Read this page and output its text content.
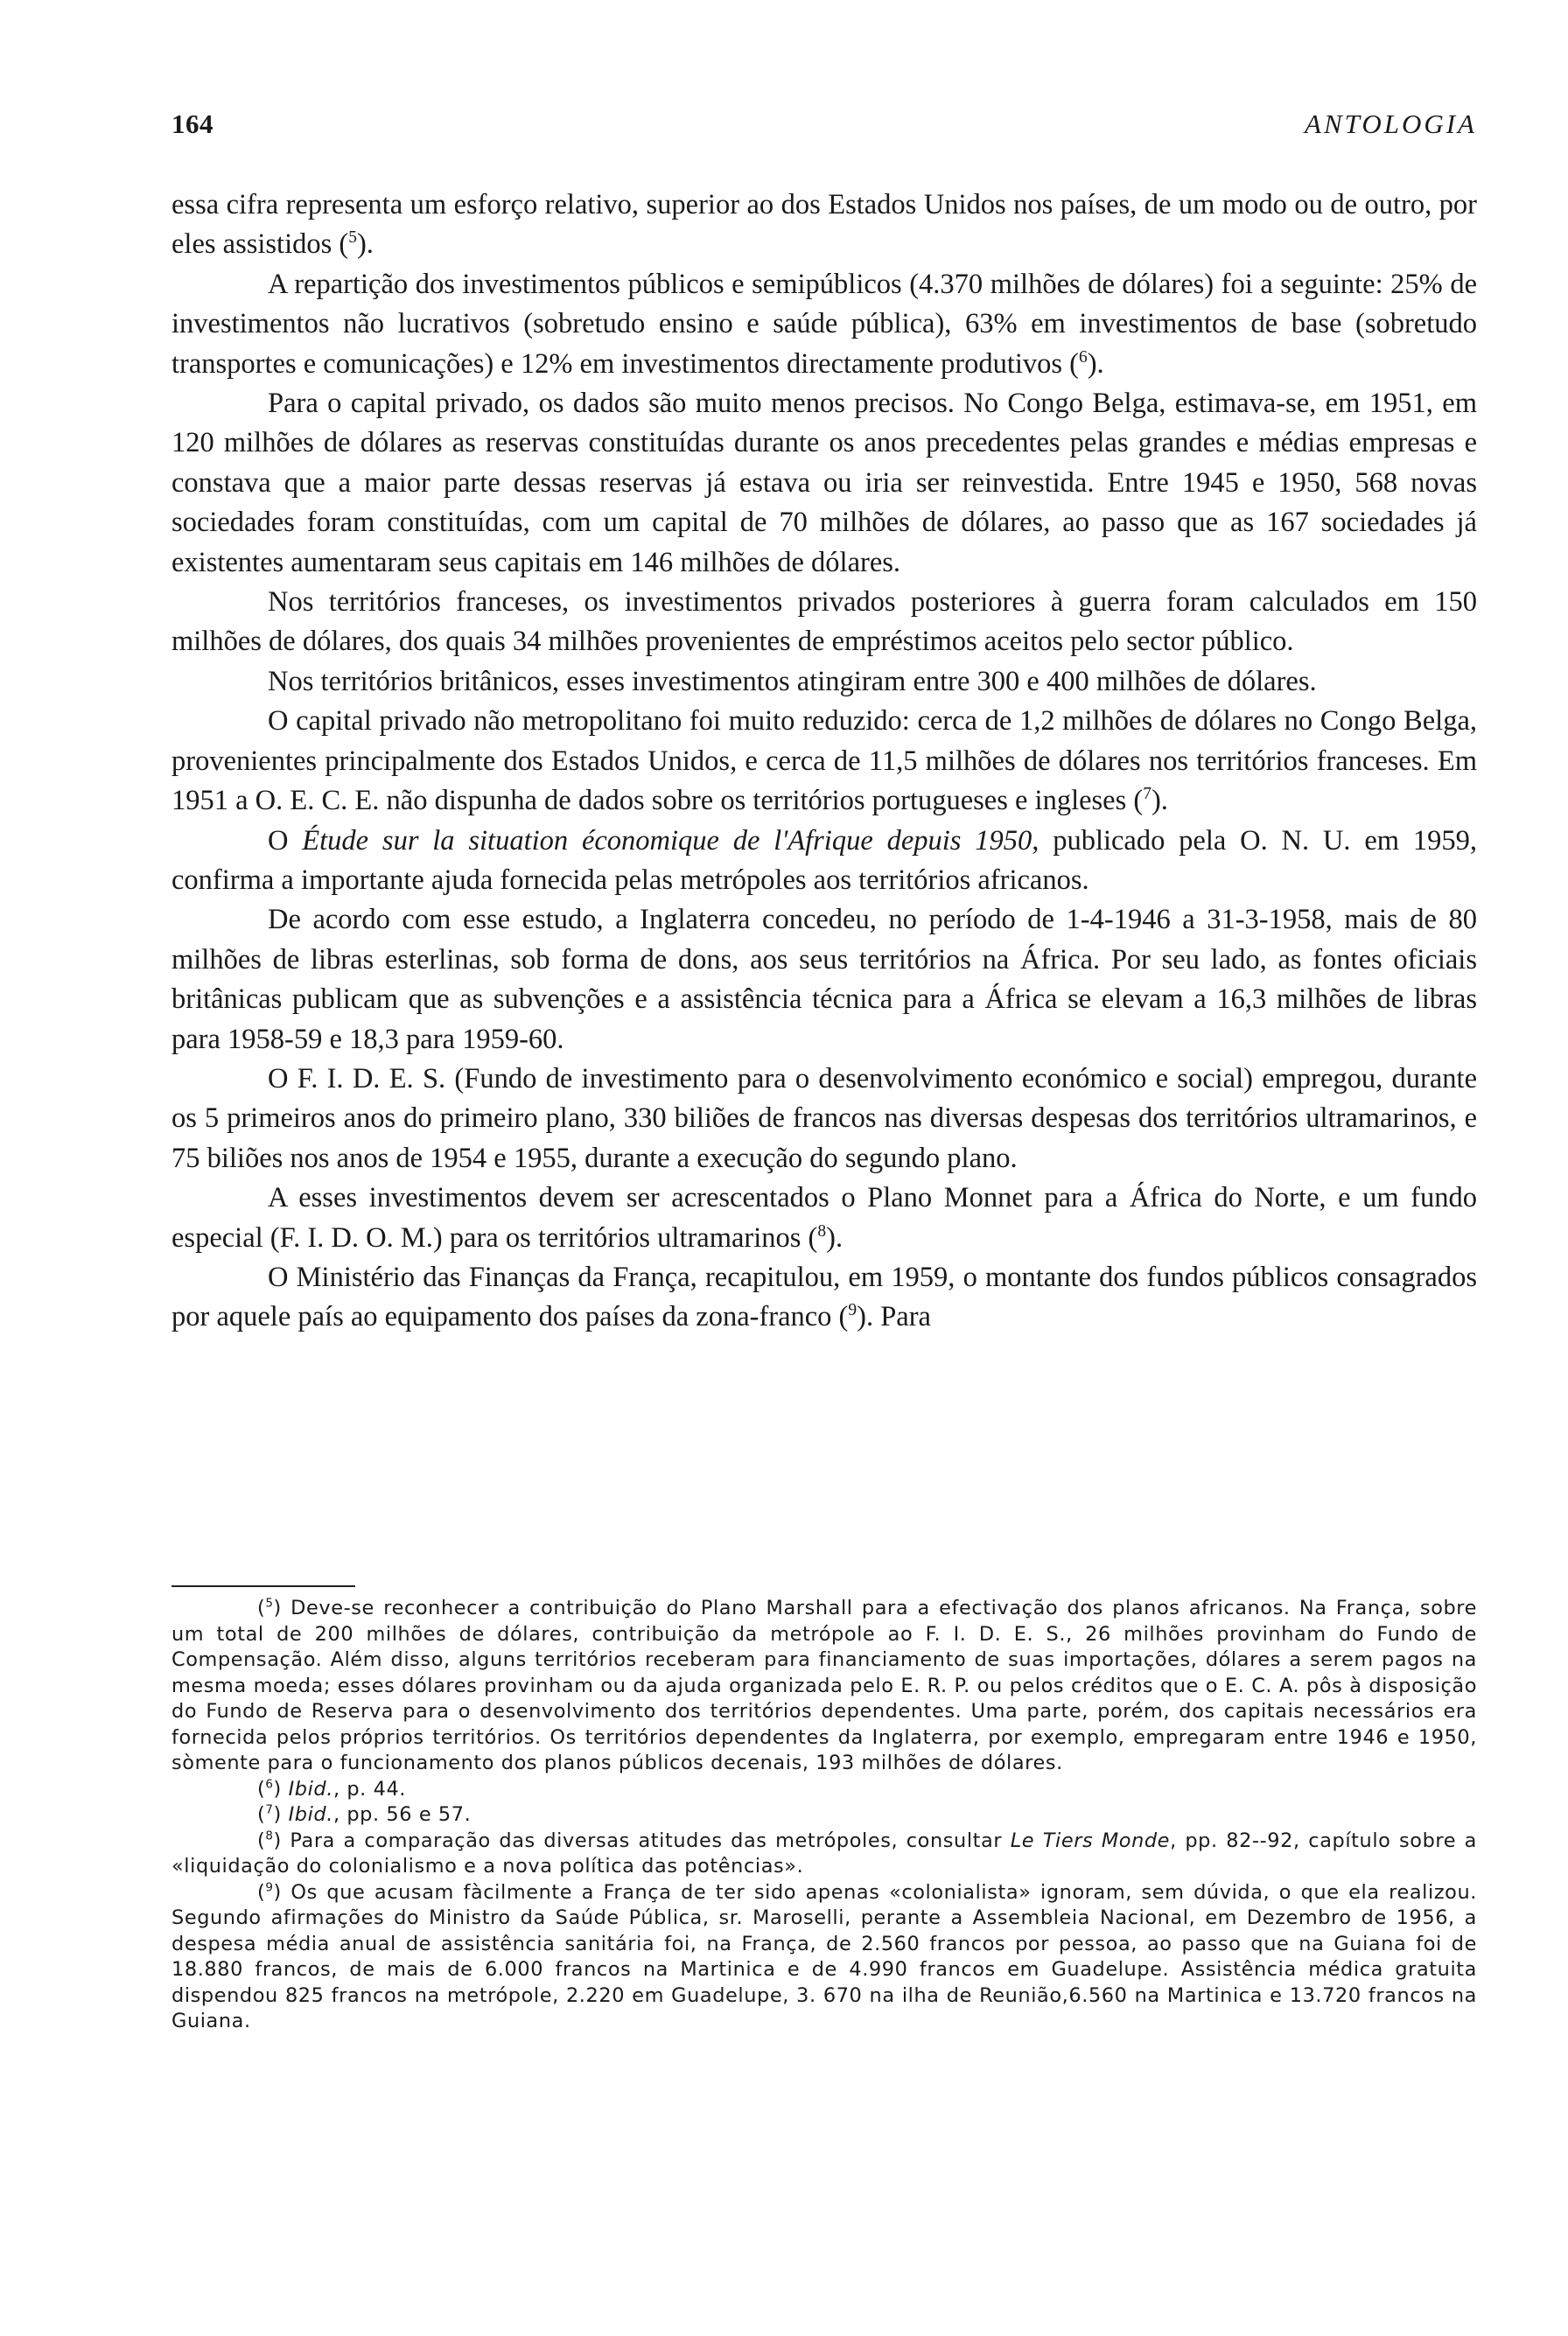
164	ANTOLOGIA

essa cifra representa um esforço relativo, superior ao dos Estados Unidos nos países, de um modo ou de outro, por eles assistidos ($^5$).

A repartição dos investimentos públicos e semipúblicos (4.370 milhões de dólares) foi a seguinte: 25% de investimentos não lucrativos (sobretudo ensino e saúde pública), 63% em investimentos de base (sobretudo transportes e comunicações) e 12% em investimentos directamente produtivos ($^6$).

Para o capital privado, os dados são muito menos precisos. No Congo Belga, estimava-se, em 1951, em 120 milhões de dólares as reservas constituídas durante os anos precedentes pelas grandes e médias empresas e constava que a maior parte dessas reservas já estava ou iria ser reinvestida. Entre 1945 e 1950, 568 novas sociedades foram constituídas, com um capital de 70 milhões de dólares, ao passo que as 167 sociedades já existentes aumentaram seus capitais em 146 milhões de dólares.

Nos territórios franceses, os investimentos privados posteriores à guerra foram calculados em 150 milhões de dólares, dos quais 34 milhões provenientes de empréstimos aceitos pelo sector público.

Nos territórios britânicos, esses investimentos atingiram entre 300 e 400 milhões de dólares.

O capital privado não metropolitano foi muito reduzido: cerca de 1,2 milhões de dólares no Congo Belga, provenientes principalmente dos Estados Unidos, e cerca de 11,5 milhões de dólares nos territórios franceses. Em 1951 a O. E. C. E. não dispunha de dados sobre os territórios portugueses e ingleses ($^7$).

O Étude sur la situation économique de l'Afrique depuis 1950, publicado pela O. N. U. em 1959, confirma a importante ajuda fornecida pelas metrópoles aos territórios africanos.

De acordo com esse estudo, a Inglaterra concedeu, no período de 1-4-1946 a 31-3-1958, mais de 80 milhões de libras esterlinas, sob forma de dons, aos seus territórios na África. Por seu lado, as fontes oficiais britânicas publicam que as subvenções e a assistência técnica para a África se elevam a 16,3 milhões de libras para 1958-59 e 18,3 para 1959-60.

O F. I. D. E. S. (Fundo de investimento para o desenvolvimento económico e social) empregou, durante os 5 primeiros anos do primeiro plano, 330 biliões de francos nas diversas despesas dos territórios ultramarinos, e 75 biliões nos anos de 1954 e 1955, durante a execução do segundo plano.

A esses investimentos devem ser acrescentados o Plano Monnet para a África do Norte, e um fundo especial (F. I. D. O. M.) para os territórios ultramarinos ($^8$).

O Ministério das Finanças da França, recapitulou, em 1959, o montante dos fundos públicos consagrados por aquele país ao equipamento dos países da zona-franco ($^9$). Para

($^5$) Deve-se reconhecer a contribuição do Plano Marshall para a efectivação dos planos africanos. Na França, sobre um total de 200 milhões de dólares, contribuição da metrópole ao F. I. D. E. S., 26 milhões provinham do Fundo de Compensação. Além disso, alguns territórios receberam para financiamento de suas importações, dólares a serem pagos na mesma moeda; esses dólares provinham ou da ajuda organizada pelo E. R. P. ou pelos créditos que o E. C. A. pôs à disposição do Fundo de Reserva para o desenvolvimento dos territórios dependentes. Uma parte, porém, dos capitais necessários era fornecida pelos próprios territórios. Os territórios dependentes da Inglaterra, por exemplo, empregaram entre 1946 e 1950, sòmente para o funcionamento dos planos públicos decenais, 193 milhões de dólares.

($^6$) Ibid., p. 44.

($^7$) Ibid., pp. 56 e 57.

($^8$) Para a comparação das diversas atitudes das metrópoles, consultar Le Tiers Monde, pp. 82--92, capítulo sobre a «liquidação do colonialismo e a nova política das potências».

($^9$) Os que acusam fàcilmente a França de ter sido apenas «colonialista» ignoram, sem dúvida, o que ela realizou. Segundo afirmações do Ministro da Saúde Pública, sr. Maroselli, perante a Assembleia Nacional, em Dezembro de 1956, a despesa média anual de assistência sanitária foi, na França, de 2.560 francos por pessoa, ao passo que na Guiana foi de 18.880 francos, de mais de 6.000 francos na Martinica e de 4.990 francos em Guadelupe. Assistência médica gratuita dispendou 825 francos na metrópole, 2.220 em Guadelupe, 3. 670 na ilha de Reunião,6.560 na Martinica e 13.720 francos na Guiana.
